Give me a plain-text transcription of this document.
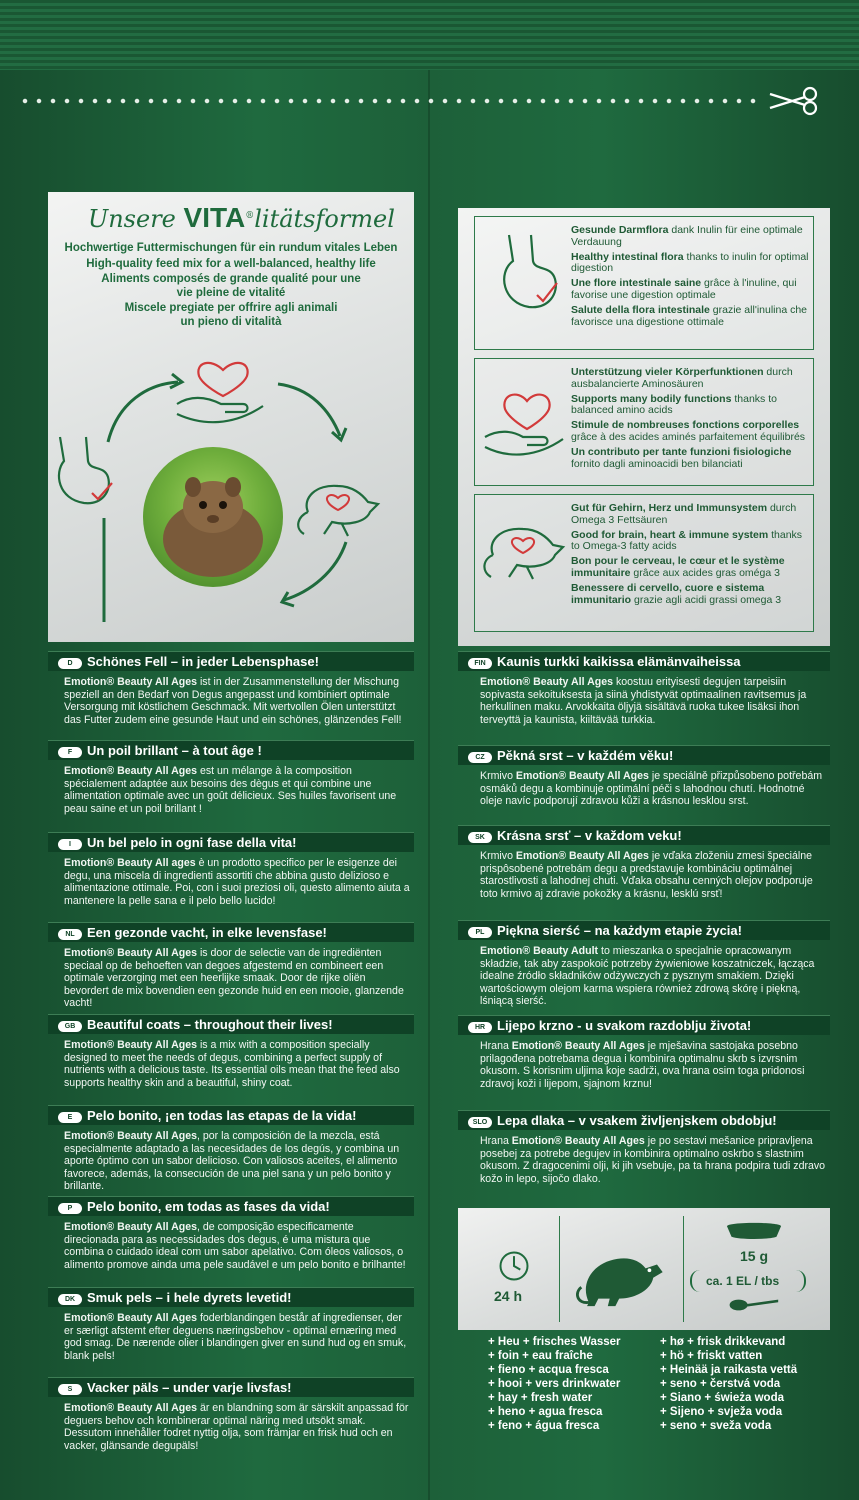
Unsere VITA®litätsformel
Hochwertige Futtermischungen für ein rundum vitales Leben
High-quality feed mix for a well-balanced, healthy life
Aliments composés de grande qualité pour une
vie pleine de vitalité
Miscele pregiate per offrire agli animali
un pieno di vitalità

Gesunde Darmflora dank Inulin für eine optimale Verdauung

Healthy intestinal flora thanks to inulin for optimal digestion

Une flore intestinale saine grâce à l'inuline, qui favorise une digestion optimale

Salute della flora intestinale grazie all'inulina che favorisce una digestione ottimale

Unterstützung vieler Körperfunktionen durch ausbalancierte Aminosäuren

Supports many bodily functions thanks to balanced amino acids

Stimule de nombreuses fonctions corporelles grâce à des acides aminés parfaitement équilibrés

Un contributo per tante funzioni fisiologiche fornito dagli aminoacidi ben bilanciati

Gut für Gehirn, Herz und Immunsystem durch Omega 3 Fettsäuren

Good for brain, heart & immune system thanks to Omega-3 fatty acids

Bon pour le cerveau, le cœur et le système immunitaire grâce aux acides gras oméga 3

Benessere di cervello, cuore e sistema immunitario grazie agli acidi grassi omega 3

D Schönes Fell – in jeder Lebensphase!
Emotion® Beauty All Ages ist in der Zusammenstellung der Mischung speziell an den Bedarf von Degus angepasst und kombiniert optimale Versorgung mit köstlichem Geschmack. Mit wertvollen Ölen unterstützt das Futter zudem eine gesunde Haut und ein schönes, glänzendes Fell!
F Un poil brillant – à tout âge !
Emotion® Beauty All Ages est un mélange à la composition spécialement adaptée aux besoins des dègus et qui combine une alimentation optimale avec un goût délicieux. Ses huiles favorisent une peau saine et un poil brillant !
I Un bel pelo in ogni fase della vita!
Emotion® Beauty All ages è un prodotto specifico per le esigenze dei degu, una miscela di ingredienti assortiti che abbina gusto delizioso e alimentazione ottimale. Poi, con i suoi preziosi oli, questo alimento aiuta a mantenere la pelle sana e il pelo bello lucido!
NL Een gezonde vacht, in elke levensfase!
Emotion® Beauty All Ages is door de selectie van de ingrediënten speciaal op de behoeften van degoes afgestemd en combineert een optimale verzorging met een heerlijke smaak. Door de rijke oliën bevordert de mix bovendien een gezonde huid en een mooie, glanzende vacht!
GB Beautiful coats – throughout their lives!
Emotion® Beauty All Ages is a mix with a composition specially designed to meet the needs of degus, combining a perfect supply of nutrients with a delicious taste. Its essential oils mean that the feed also supports healthy skin and a beautiful, shiny coat.
E Pelo bonito, ¡en todas las etapas de la vida!
Emotion® Beauty All Ages, por la composición de la mezcla, está especialmente adaptado a las necesidades de los degús, y combina un aporte óptimo con un sabor delicioso. Con valiosos aceites, el alimento favorece, además, la consecución de una piel sana y un pelo bonito y brillante.
P Pelo bonito, em todas as fases da vida!
Emotion® Beauty All Ages, de composição especificamente direcionada para as necessidades dos degus, é uma mistura que combina o cuidado ideal com um sabor apelativo. Com óleos valiosos, o alimento promove ainda uma pele saudável e um pelo bonito e brilhante!
DK Smuk pels – i hele dyrets levetid!
Emotion® Beauty All Ages foderblandingen består af ingredienser, der er særligt afstemt efter deguens næringsbehov - optimal ernæring med god smag. De nærende olier i blandingen giver en sund hud og en smuk, blank pels!
S Vacker päls – under varje livsfas!
Emotion® Beauty All Ages är en blandning som är särskilt anpassad för deguers behov och kombinerar optimal näring med utsökt smak. Dessutom innehåller fodret nyttig olja, som främjar en frisk hud och en vacker, glänsande degupäls!
FIN Kaunis turkki kaikissa elämänvaiheissa
Emotion® Beauty All Ages koostuu erityisesti degujen tarpeisiin sopivasta sekoituksesta ja siinä yhdistyvät optimaalinen ravitsemus ja herkullinen maku. Arvokkaita öljyjä sisältävä ruoka tukee lisäksi ihon terveyttä ja kaunista, kiiltävää turkkia.
CZ Pěkná srst – v každém věku!
Krmivo Emotion® Beauty All Ages je speciálně přizpůsobeno potřebám osmáků degu a kombinuje optimální péči s lahodnou chutí. Hodnotné oleje navíc podporují zdravou kůži a krásnou lesklou srst.
SK Krásna srsť – v každom veku!
Krmivo Emotion® Beauty All Ages je vďaka zloženiu zmesi špeciálne prispôsobené potrebám degu a predstavuje kombináciu optimálnej starostlivosti a lahodnej chuti. Vďaka obsahu cenných olejov podporuje toto krmivo aj zdravie pokožky a krásnu, lesklú srsť!
PL Piękna sierść – na każdym etapie życia!
Emotion® Beauty Adult to mieszanka o specjalnie opracowanym składzie, tak aby zaspokoić potrzeby żywieniowe koszatniczek, łącząca idealne źródło składników odżywczych z pysznym smakiem. Dzięki wartościowym olejom karma wspiera również zdrową skórę i piękną, lśniącą sierść.
HR Lijepo krzno - u svakom razdoblju života!
Hrana Emotion® Beauty All Ages je mješavina sastojaka posebno prilagođena potrebama degua i kombinira optimalnu skrb s izvrsnim okusom. S korisnim uljima koje sadrži, ova hrana osim toga pridonosi zdravoj koži i lijepom, sjajnom krznu!
SLO Lepa dlaka – v vsakem življenjskem obdobju!
Hrana Emotion® Beauty All Ages je po sestavi mešanice pripravljena posebej za potrebe degujev in kombinira optimalno oskrbo s slastnim okusom. Z dragocenimi olji, ki jih vsebuje, pa ta hrana podpira tudi zdravo kožo in lepo, sijočo dlako.
24 h
15 g
ca. 1 EL / tbs
+ Heu + frisches Wasser
+ foin + eau fraîche
+ fieno + acqua fresca
+ hooi + vers drinkwater
+ hay + fresh water
+ heno + agua fresca
+ feno + água fresca
+ hø + frisk drikkevand
+ hö + friskt vatten
+ Heinää ja raikasta vettä
+ seno + čerstvá voda
+ Siano + świeża woda
+ Sijeno + svježa voda
+ seno + sveža voda
